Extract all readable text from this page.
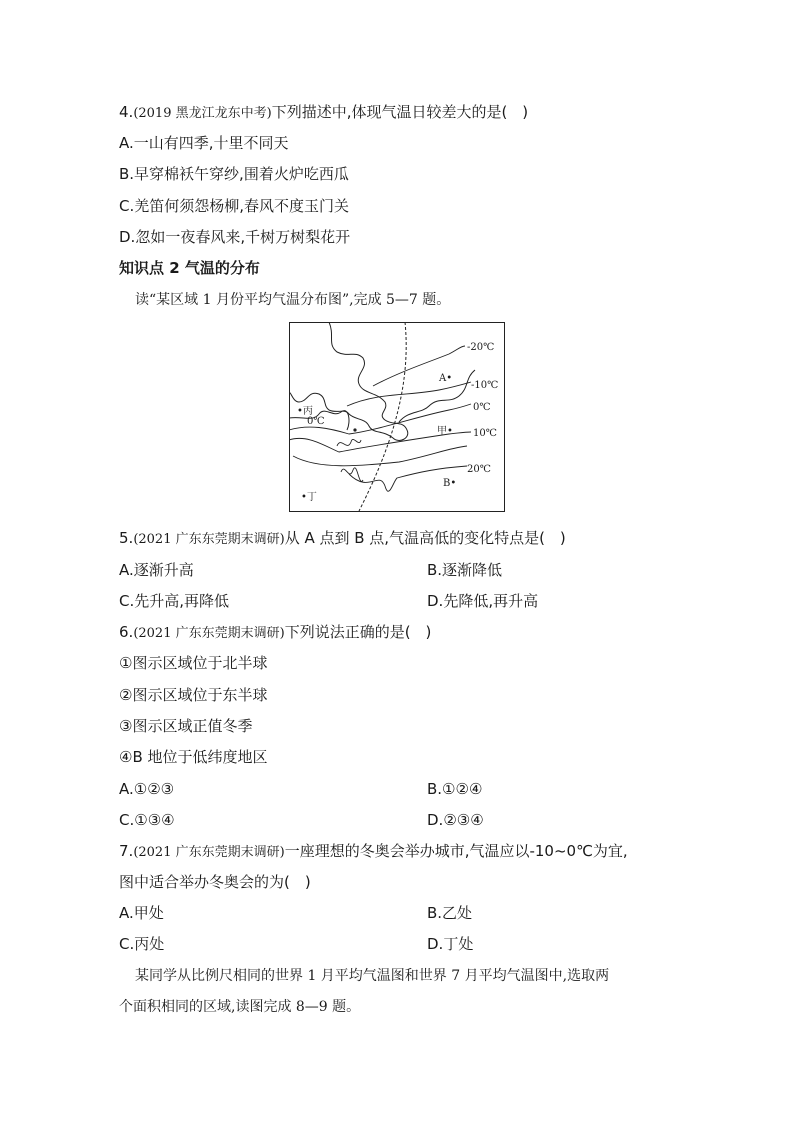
4.(2019 黑龙江龙东中考)下列描述中,体现气温日较差大的是(　)
A.一山有四季,十里不同天
B.早穿棉袄午穿纱,围着火炉吃西瓜
C.羌笛何须怨杨柳,春风不度玉门关
D.忽如一夜春风来,千树万树梨花开
知识点 2 气温的分布
读“某区域 1 月份平均气温分布图”,完成 5—7 题。
-20℃
-10℃
0℃
10℃
20℃
0℃
A•
•丙
甲•
B•
•丁
5.(2021 广东东莞期末调研)从 A 点到 B 点,气温高低的变化特点是(　)
A.逐渐升高	B.逐渐降低
C.先升高,再降低	D.先降低,再升高
6.(2021 广东东莞期末调研)下列说法正确的是(　)
①图示区域位于北半球
②图示区域位于东半球
③图示区域正值冬季
④B 地位于低纬度地区
A.①②③	B.①②④
C.①③④	D.②③④
7.(2021 广东东莞期末调研)一座理想的冬奥会举办城市,气温应以-10~0℃为宜,
图中适合举办冬奥会的为(　)
A.甲处	B.乙处
C.丙处	D.丁处
某同学从比例尺相同的世界 1 月平均气温图和世界 7 月平均气温图中,选取两
个面积相同的区域,读图完成 8—9 题。
